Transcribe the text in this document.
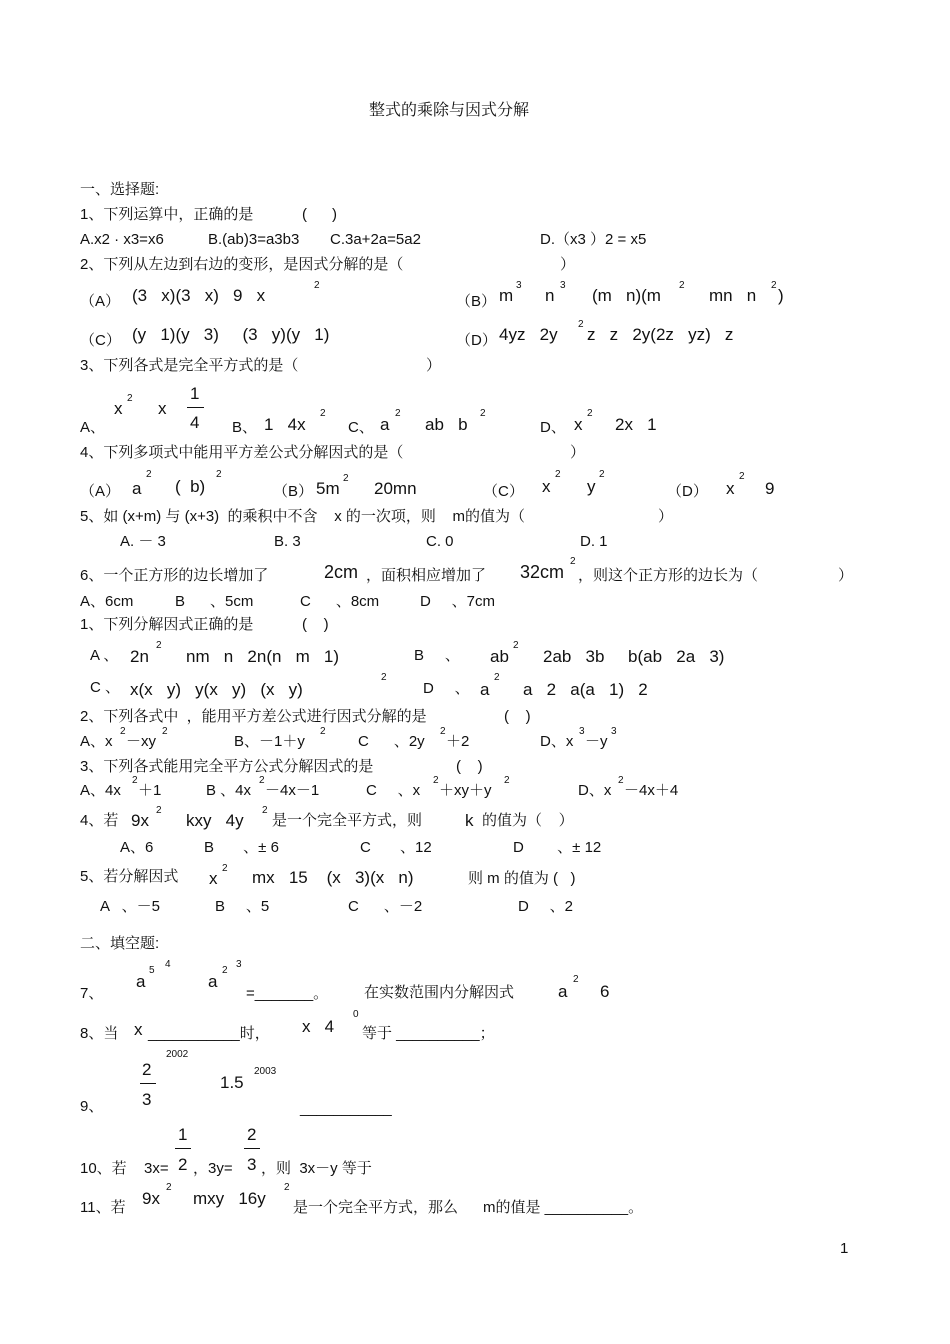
整式的乘除与因式分解
一、选择题:
1、下列运算中，正确的是	(      )
A.x2 · x3=x6	B.(ab)3=a3b3 C.3a+2a=5a2	D.（x3 ）2 = x5
2、下列从左边到右边的变形，是因式分解的是（	）
（A） (3   x)(3   x)   9   x
2
（B） m
3
n
3
(m   n)(m
2
mn   n
2
)
（C） (y   1)(y   3)     (3   y)(y   1)	（D） 4yz   2y
2
z   z   2y(2z   yz)   z
3、下列各式是完全平方式的是（	）
A、
x
2
x
1
4 B、 1   4x
2
C、 a
2
ab   b
2
D、 x
2
2x   1
4、下列多项式中能用平方差公式分解因式的是（	）
（A） a
2
(  b)
2
（B） 5m
2
20mn	（C） x
2
y
2
（D） x
2
9
5、如 (x+m) 与 (x+3)  的乘积中不含    x 的一次项，则    m的值为（	）
A. － 3	B. 3	C. 0	D. 1
6、一个正方形的边长增加了	2cm ，面积相应增加了 32cm
2
，则这个正方形的边长为（	）
A、6cm	B      、5cm	C      、8cm	D     、7cm
1、下列分解因式正确的是	(    )
A 、 2n
2
nm   n   2n(n   m   1)	B     、 ab
2
2ab   3b     b(ab   2a   3)
C 、 x(x   y)   y(x   y)   (x   y)
2
D     、 a
2
a   2   a(a   1)   2
2、下列各式中  ，能用平方差公式进行因式分解的是	(    )
A、x
2
－xy
2
B、－1＋y
2
C      、2y
2
＋2	D、x
3
－y
3
3、下列各式能用完全平方公式分解因式的是	(    )
A、4x
2
＋1	B 、4x
2
－4x－1	C     、x
2
＋xy＋y
2
D、x
2
－4x＋4
4、若 9x
2
kxy   4y
2
是一个完全平方式，则	k 的值为（    ）
A、6	B       、± 6	C       、12	D        、± 12
5、若分解因式 x
2 mx   15    (x   3)(x   n)	则 m 的值为 (   )
A   、－5	B     、5	C      、－2	D     、2
二、填空题:
7、
a
5
4
a
2
3
=_______。 在实数范围内分解因式	a
2
6
8、当 x ___________时， x   4
0
等于 __________；
9、
2
3
2002
1.5
2003
___________
10、若 3x=
1
2 ，3y=
2
3 ，则  3x－y 等于
11、若 9x
2
mxy   16y
2
是一个完全平方式，那么      m的值是 __________。
1
